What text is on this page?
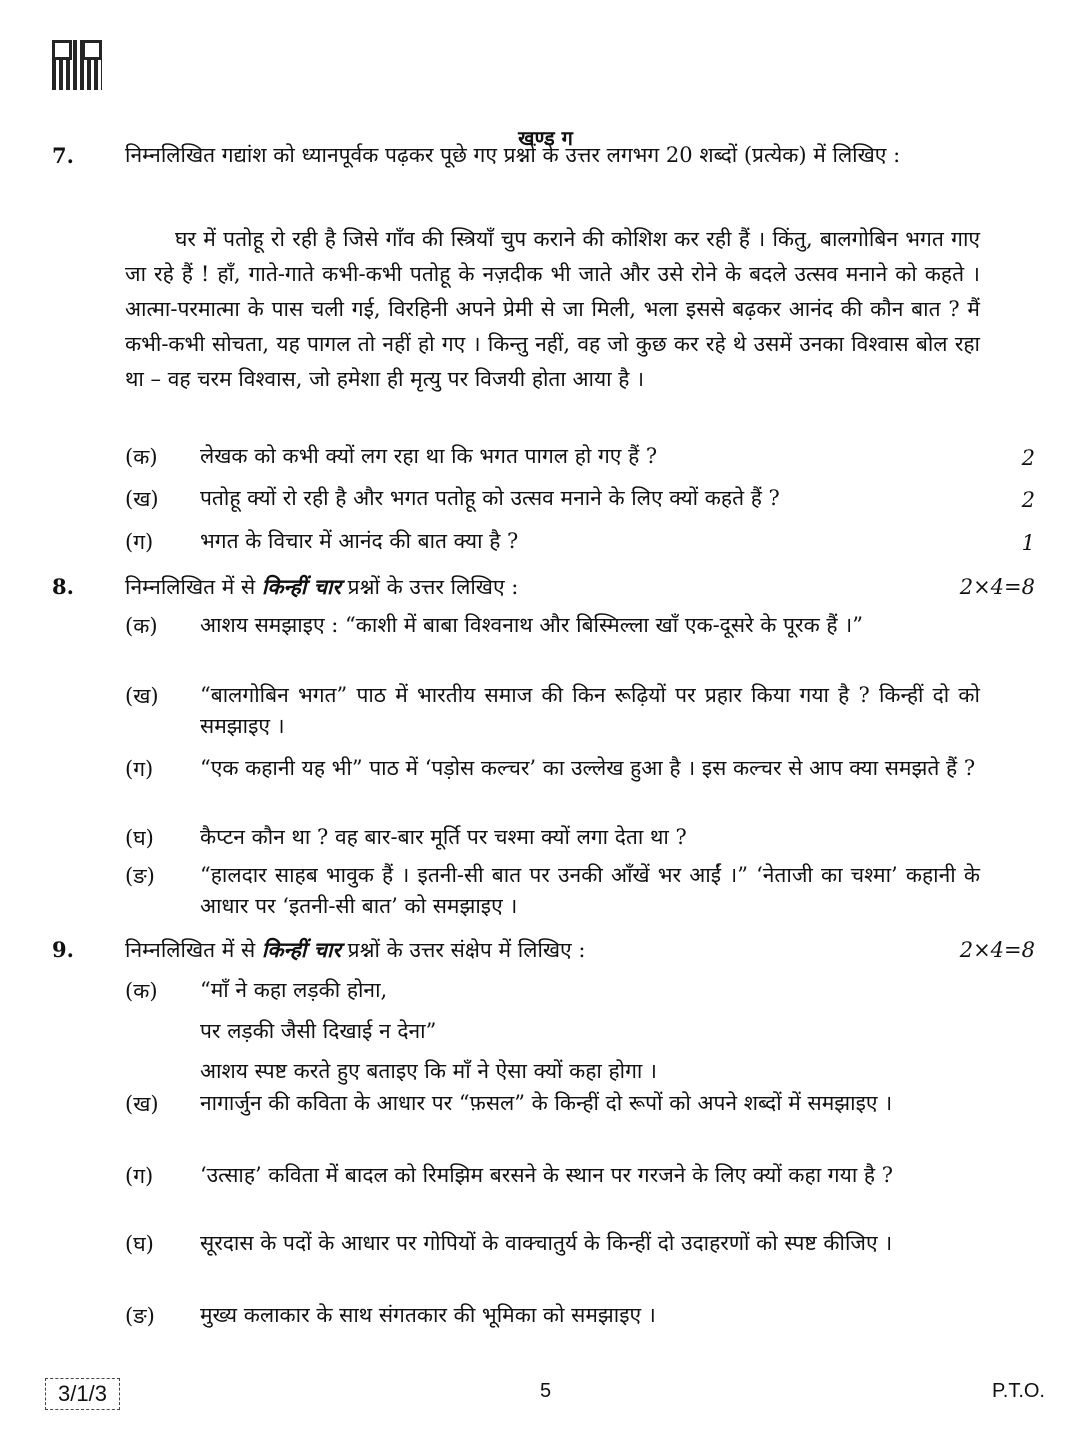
खण्ड ग
7. निम्नलिखित गद्यांश को ध्यानपूर्वक पढ़कर पूछे गए प्रश्नों के उत्तर लगभग 20 शब्दों (प्रत्येक) में लिखिए :
घर में पतोहू रो रही है जिसे गाँव की स्त्रियाँ चुप कराने की कोशिश कर रही हैं । किंतु, बालगोबिन भगत गाए जा रहे हैं ! हाँ, गाते-गाते कभी-कभी पतोहू के नज़दीक भी जाते और उसे रोने के बदले उत्सव मनाने को कहते । आत्मा-परमात्मा के पास चली गई, विरहिनी अपने प्रेमी से जा मिली, भला इससे बढ़कर आनंद की कौन बात ? मैं कभी-कभी सोचता, यह पागल तो नहीं हो गए । किन्तु नहीं, वह जो कुछ कर रहे थे उसमें उनका विश्वास बोल रहा था – वह चरम विश्वास, जो हमेशा ही मृत्यु पर विजयी होता आया है ।
(क) लेखक को कभी क्यों लग रहा था कि भगत पागल हो गए हैं ?	2
(ख) पतोहू क्यों रो रही है और भगत पतोहू को उत्सव मनाने के लिए क्यों कहते हैं ?	2
(ग) भगत के विचार में आनंद की बात क्या है ?	1
8. निम्नलिखित में से किन्हीं चार प्रश्नों के उत्तर लिखिए :	2×4=8
(क) आशय समझाइए : “काशी में बाबा विश्वनाथ और बिस्मिल्ला खाँ एक-दूसरे के पूरक हैं ।”
(ख) “बालगोबिन भगत” पाठ में भारतीय समाज की किन रूढ़ियों पर प्रहार किया गया है ? किन्हीं दो को समझाइए ।
(ग) “एक कहानी यह भी” पाठ में ‘पड़ोस कल्चर’ का उल्लेख हुआ है । इस कल्चर से आप क्या समझते हैं ?
(घ) कैप्टन कौन था ? वह बार-बार मूर्ति पर चश्मा क्यों लगा देता था ?
(ङ) “हालदार साहब भावुक हैं । इतनी-सी बात पर उनकी आँखें भर आईं ।” ‘नेताजी का चश्मा’ कहानी के आधार पर ‘इतनी-सी बात’ को समझाइए ।
9. निम्नलिखित में से किन्हीं चार प्रश्नों के उत्तर संक्षेप में लिखिए :	2×4=8
(क) “माँ ने कहा लड़की होना,
पर लड़की जैसी दिखाई न देना”
आशय स्पष्ट करते हुए बताइए कि माँ ने ऐसा क्यों कहा होगा ।
(ख) नागार्जुन की कविता के आधार पर “फ़सल” के किन्हीं दो रूपों को अपने शब्दों में समझाइए ।
(ग) ‘उत्साह’ कविता में बादल को रिमझिम बरसने के स्थान पर गरजने के लिए क्यों कहा गया है ?
(घ) सूरदास के पदों के आधार पर गोपियों के वाक्चातुर्य के किन्हीं दो उदाहरणों को स्पष्ट कीजिए ।
(ङ) मुख्य कलाकार के साथ संगतकार की भूमिका को समझाइए ।
3/1/3	5	P.T.O.
